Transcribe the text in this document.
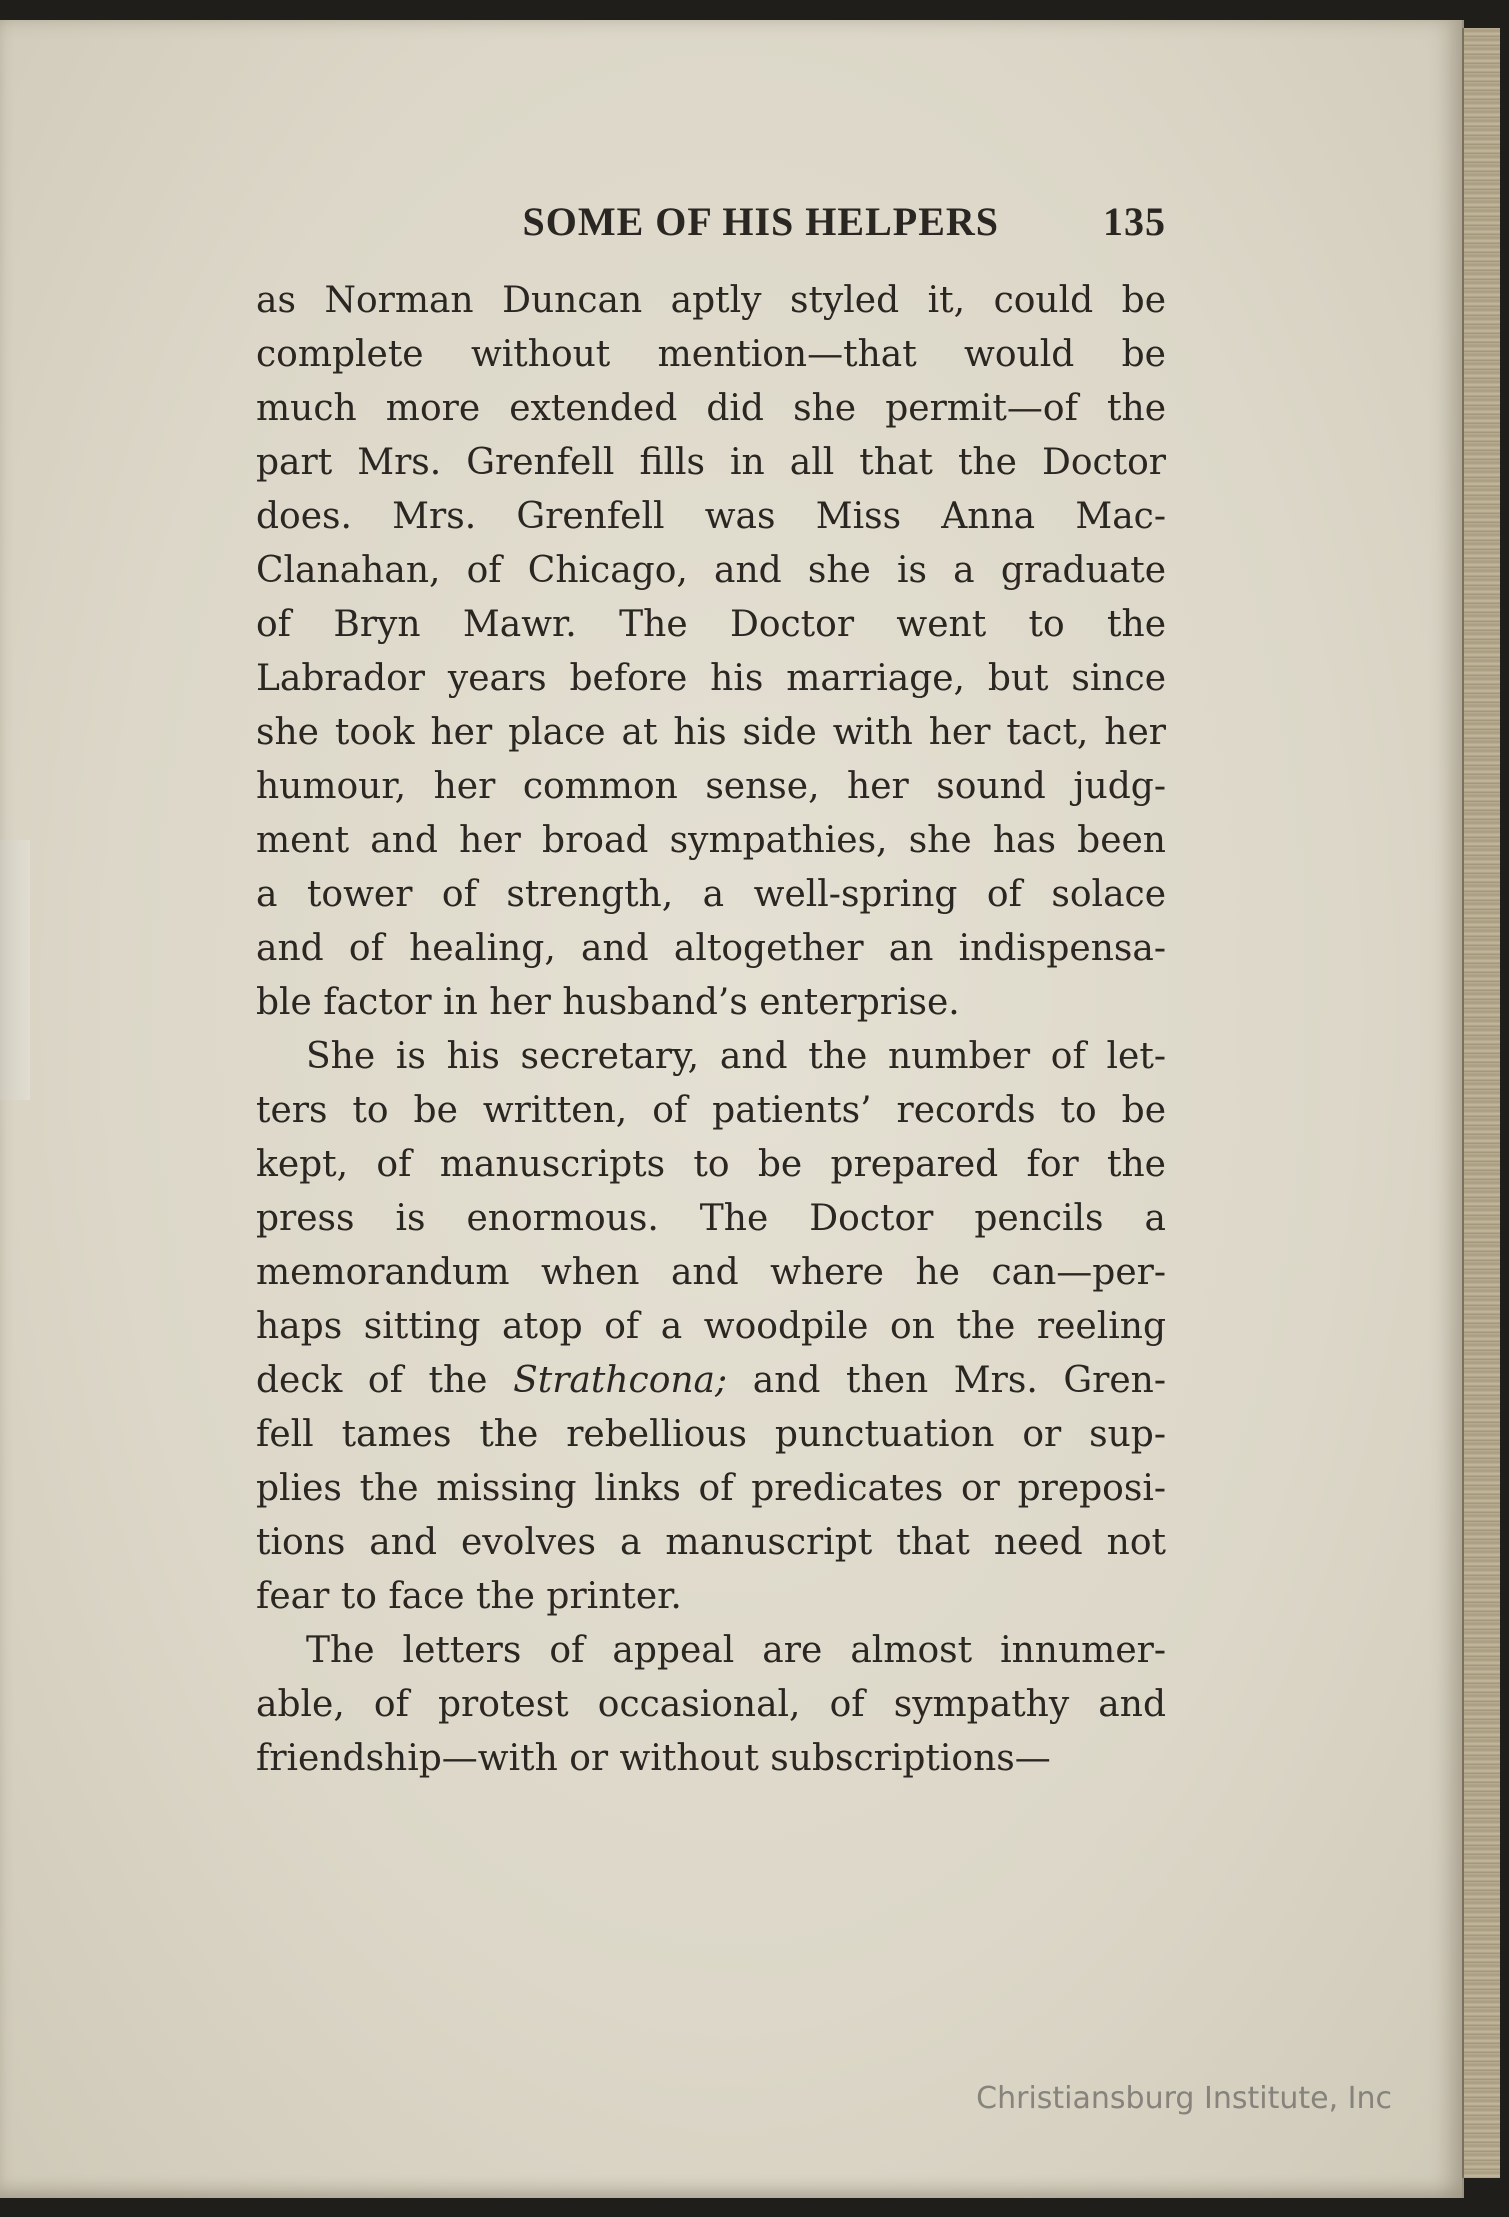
SOME OF HIS HELPERS	135
as Norman Duncan aptly styled it, could be
complete without mention—that would be
much more extended did she permit—of the
part Mrs. Grenfell fills in all that the Doctor
does. Mrs. Grenfell was Miss Anna Mac-
Clanahan, of Chicago, and she is a graduate
of Bryn Mawr. The Doctor went to the
Labrador years before his marriage, but since
she took her place at his side with her tact, her
humour, her common sense, her sound judg-
ment and her broad sympathies, she has been
a tower of strength, a well-spring of solace
and of healing, and altogether an indispensa-
ble factor in her husband’s enterprise.
She is his secretary, and the number of let-
ters to be written, of patients’ records to be
kept, of manuscripts to be prepared for the
press is enormous. The Doctor pencils a
memorandum when and where he can—per-
haps sitting atop of a woodpile on the reeling
deck of the Strathcona; and then Mrs. Gren-
fell tames the rebellious punctuation or sup-
plies the missing links of predicates or preposi-
tions and evolves a manuscript that need not
fear to face the printer.
The letters of appeal are almost innumer-
able, of protest occasional, of sympathy and
friendship—with or without subscriptions—
Christiansburg Institute, Inc
